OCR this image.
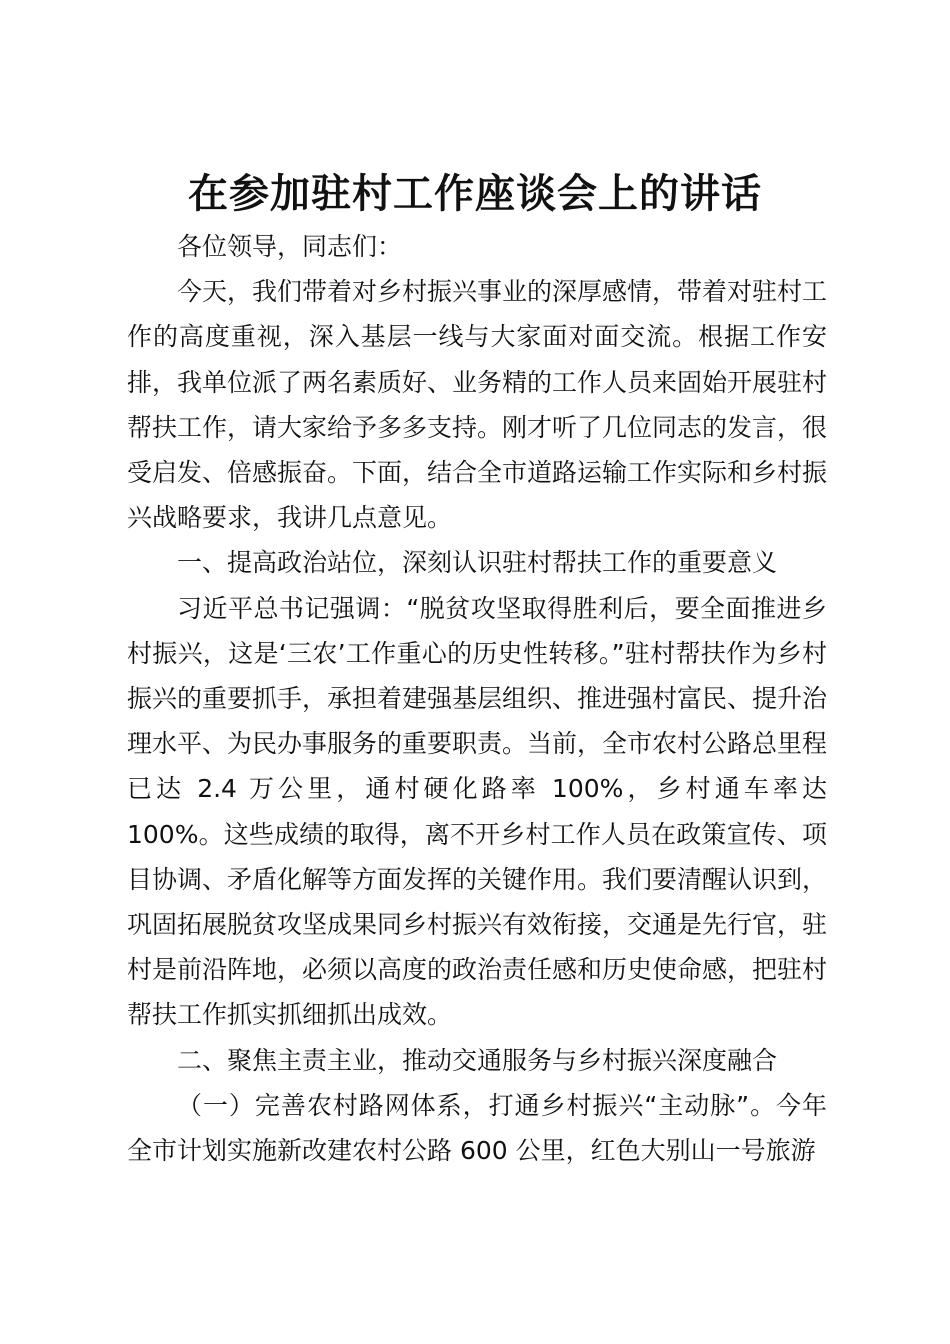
在参加驻村工作座谈会上的讲话

各位领导，同志们：

今天，我们带着对乡村振兴事业的深厚感情，带着对驻村工作的高度重视，深入基层一线与大家面对面交流。根据工作安排，我单位派了两名素质好、业务精的工作人员来固始开展驻村帮扶工作，请大家给予多多支持。刚才听了几位同志的发言，很受启发、倍感振奋。下面，结合全市道路运输工作实际和乡村振兴战略要求，我讲几点意见。

一、提高政治站位，深刻认识驻村帮扶工作的重要意义

习近平总书记强调：“脱贫攻坚取得胜利后，要全面推进乡村振兴，这是‘三农’工作重心的历史性转移。”驻村帮扶作为乡村振兴的重要抓手，承担着建强基层组织、推进强村富民、提升治理水平、为民办事服务的重要职责。当前，全市农村公路总里程已达 2.4 万公里，通村硬化路率 100%，乡村通车率达 100%。这些成绩的取得，离不开乡村工作人员在政策宣传、项目协调、矛盾化解等方面发挥的关键作用。我们要清醒认识到，巩固拓展脱贫攻坚成果同乡村振兴有效衔接，交通是先行官，驻村是前沿阵地，必须以高度的政治责任感和历史使命感，把驻村帮扶工作抓实抓细抓出成效。

二、聚焦主责主业，推动交通服务与乡村振兴深度融合

（一）完善农村路网体系，打通乡村振兴“主动脉”。今年全市计划实施新改建农村公路 600 公里，红色大别山一号旅游
